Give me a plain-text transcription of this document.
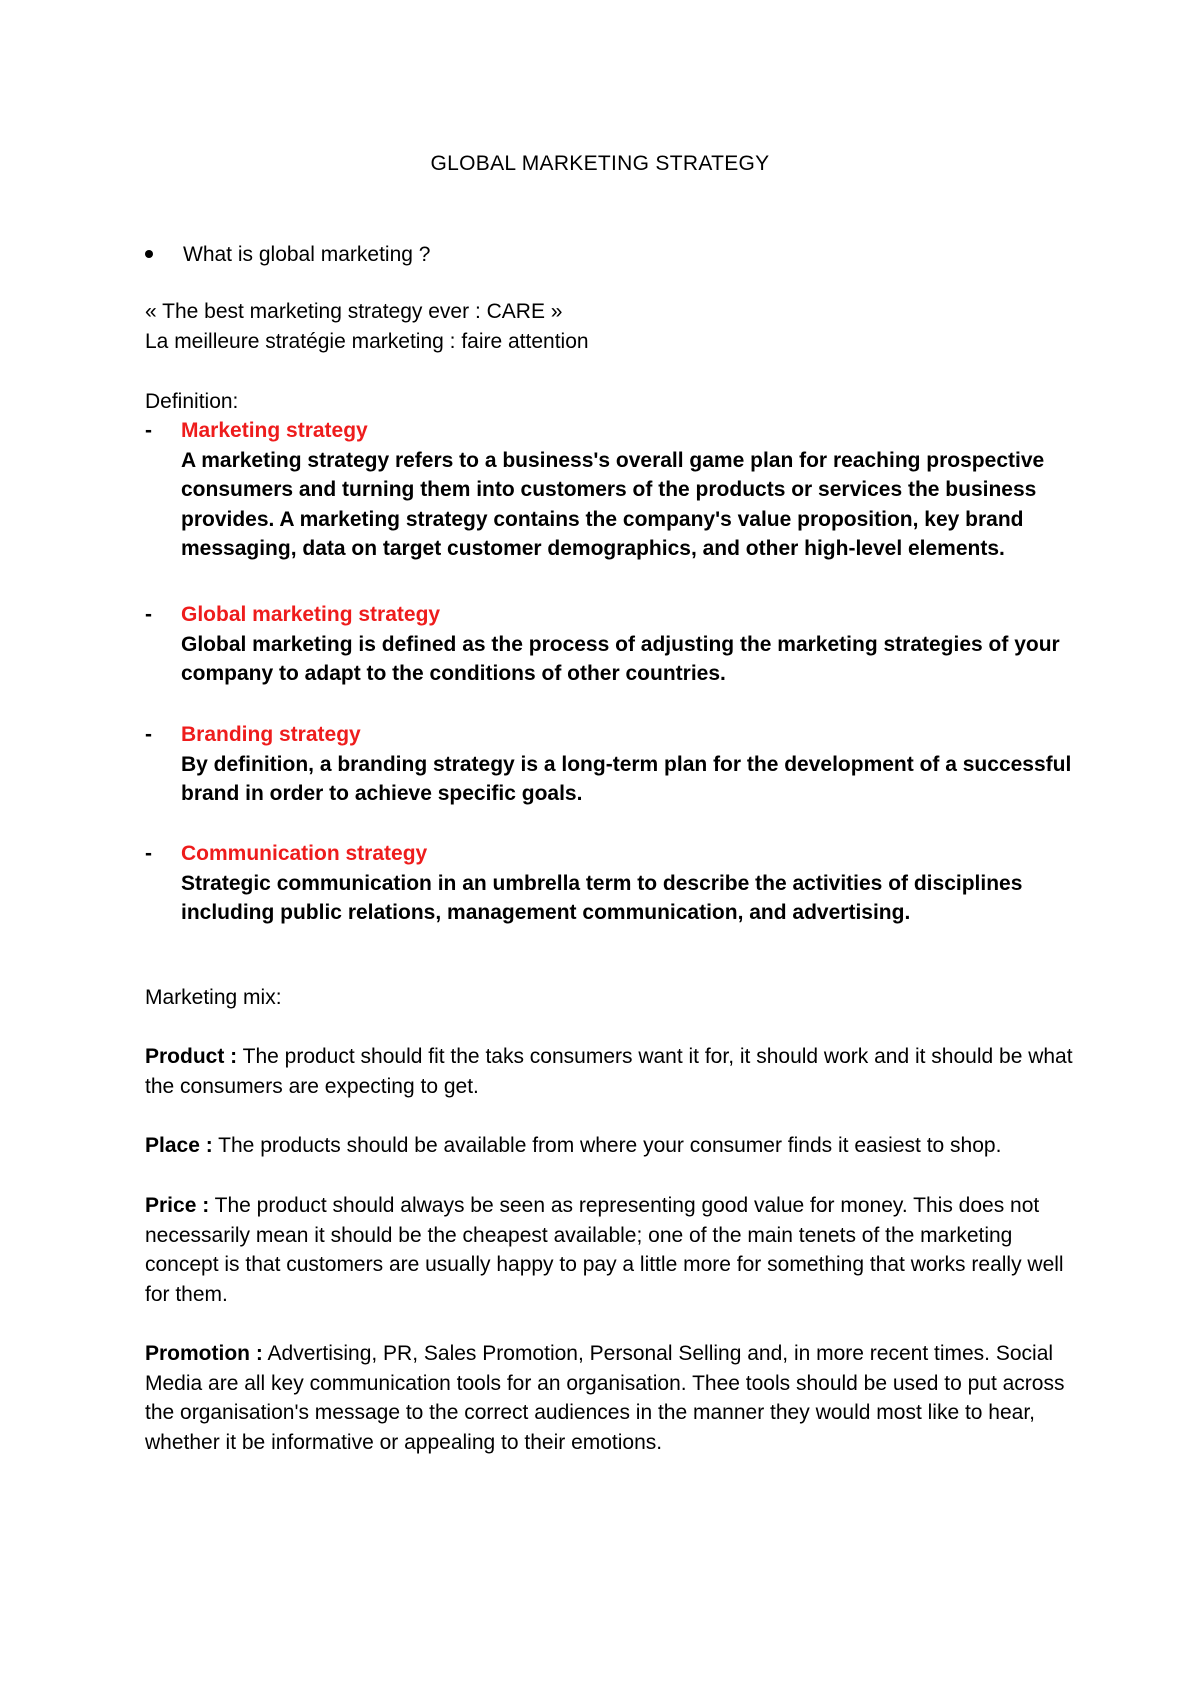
GLOBAL MARKETING STRATEGY
What is global marketing ?
« The best marketing strategy ever : CARE »
La meilleure stratégie marketing : faire attention
Definition:
- Marketing strategy
A marketing strategy refers to a business's overall game plan for reaching prospective consumers and turning them into customers of the products or services the business provides. A marketing strategy contains the company's value proposition, key brand messaging, data on target customer demographics, and other high-level elements.
- Global marketing strategy
Global marketing is defined as the process of adjusting the marketing strategies of your company to adapt to the conditions of other countries.
- Branding strategy
By definition, a branding strategy is a long-term plan for the development of a successful brand in order to achieve specific goals.
- Communication strategy
Strategic communication in an umbrella term to describe the activities of disciplines including public relations, management communication, and advertising.
Marketing mix:
Product : The product should fit the taks consumers want it for, it should work and it should be what the consumers are expecting to get.
Place : The products should be available from where your consumer finds it easiest to shop.
Price : The product should always be seen as representing good value for money. This does not necessarily mean it should be the cheapest available; one of the main tenets of the marketing concept is that customers are usually happy to pay a little more for something that works really well for them.
Promotion : Advertising, PR, Sales Promotion, Personal Selling and, in more recent times. Social Media are all key communication tools for an organisation. Thee tools should be used to put across the organisation's message to the correct audiences in the manner they would most like to hear, whether it be informative or appealing to their emotions.
